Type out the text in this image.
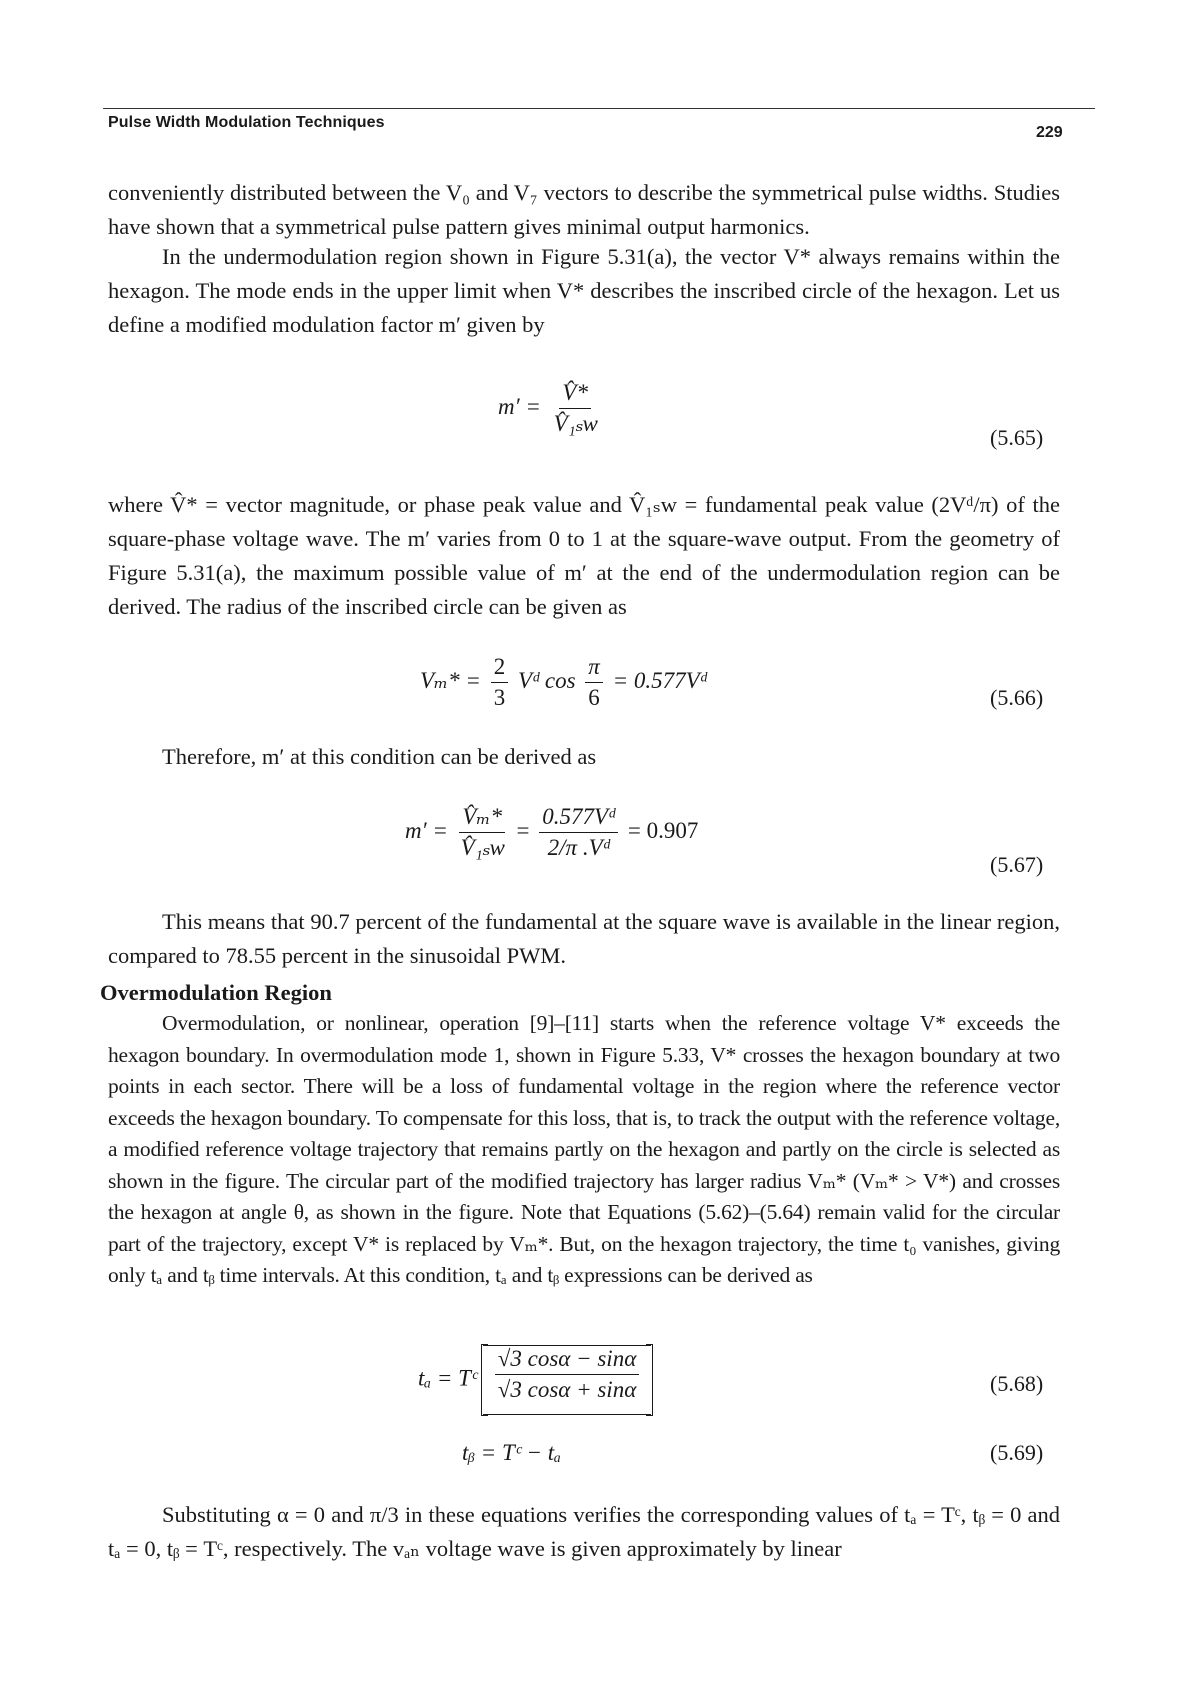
Pulse Width Modulation Techniques
229

conveniently distributed between the V₀ and V₇ vectors to describe the symmetrical pulse widths. Studies have shown that a symmetrical pulse pattern gives minimal output harmonics.

In the undermodulation region shown in Figure 5.31(a), the vector V* always remains within the hexagon. The mode ends in the upper limit when V* describes the inscribed circle of the hexagon. Let us define a modified modulation factor m′ given by

$m' = \frac{V̂*}{\text{V̂₁ₛᴡ}}$	(5.65)

where V̂* = vector magnitude, or phase peak value and V̂₁ₛᴡ = fundamental peak value (2Vᵈ/π) of the square-phase voltage wave. The m′ varies from 0 to 1 at the square-wave output. From the geometry of Figure 5.31(a), the maximum possible value of m′ at the end of the undermodulation region can be derived. The radius of the inscribed circle can be given as

$V_m* = \frac{2}{3}$ Vᵈ $\cos \frac{\pi}{6}$ = 0.577Vᵈ
(5.66)

Therefore, m′ at this condition can be derived as

$m' = \frac{\text{V̂ₘ*}}{\text{V̂₁ₛᴡ}} = \frac{\text{0.577Vᵈ}}{\text{2/π .Vᵈ}} = 0.907$
(5.67)

This means that 90.7 percent of the fundamental at the square wave is available in the linear region, compared to 78.55 percent in the sinusoidal PWM.

Overmodulation Region

Overmodulation, or nonlinear, operation [9]–[11] starts when the reference voltage V* exceeds the hexagon boundary. In overmodulation mode 1, shown in Figure 5.33, V* crosses the hexagon boundary at two points in each sector. There will be a loss of fundamental voltage in the region where the reference vector exceeds the hexagon boundary. To compensate for this loss, that is, to track the output with the reference voltage, a modified reference voltage trajectory that remains partly on the hexagon and partly on the circle is selected as shown in the figure. The circular part of the modified trajectory has larger radius Vₘ* (Vₘ* > V*) and crosses the hexagon at angle θ, as shown in the figure. Note that Equations (5.62)–(5.64) remain valid for the circular part of the trajectory, except V* is replaced by Vₘ*. But, on the hexagon trajectory, the time t₀ vanishes, giving only tₐ and tᵦ time intervals. At this condition, tₐ and tᵦ expressions can be derived as

tₐ = Tᶜ $\frac{√3 \cos\alpha - \sin\alpha}{√3 \cos\alpha + \sin\alpha}$	(5.68)
tᵦ = Tᶜ − tₐ	(5.69)

Substituting α = 0 and π/3 in these equations verifies the corresponding values of tₐ = Tᶜ, tᵦ = 0 and tₐ = 0, tᵦ = Tᶜ, respectively. The vₐₙ voltage wave is given approximately by linear
